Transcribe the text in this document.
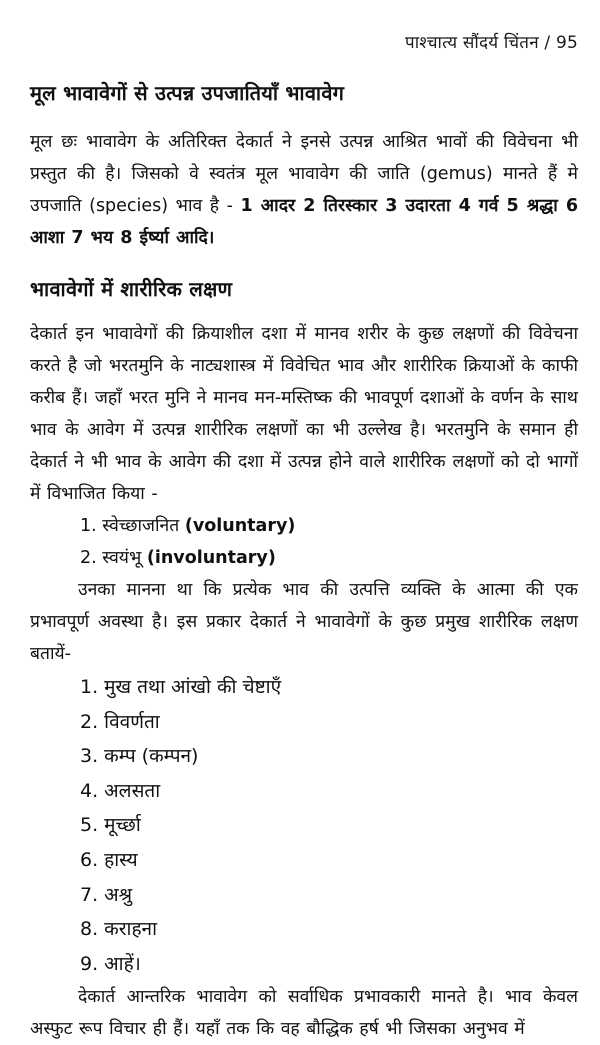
पाश्चात्य सौंदर्य चिंतन / 95
मूल भावावेगों से उत्पन्न उपजातियाँ भावावेग

मूल छः भावावेग के अतिरिक्त देकार्त ने इनसे उत्पन्न आश्रित भावों की विवेचना भी प्रस्तुत की है। जिसको वे स्वतंत्र मूल भावावेग की जाति (gemus) मानते हैं मे उपजाति (species) भाव है - 1 आदर 2 तिरस्कार 3 उदारता 4 गर्व 5 श्रद्धा 6 आशा 7 भय 8 ईर्ष्या आदि।

भावावेगों में शारीरिक लक्षण

देकार्त इन भावावेगों की क्रियाशील दशा में मानव शरीर के कुछ लक्षणों की विवेचना करते है जो भरतमुनि के नाट्यशास्त्र में विवेचित भाव और शारीरिक क्रियाओं के काफी करीब हैं। जहाँ भरत मुनि ने मानव मन-मस्तिष्क की भावपूर्ण दशाओं के वर्णन के साथ भाव के आवेग में उत्पन्न शारीरिक लक्षणों का भी उल्लेख है। भरतमुनि के समान ही देकार्त ने भी भाव के आवेग की दशा में उत्पन्न होने वाले शारीरिक लक्षणों को दो भागों में विभाजित किया -

1. स्वेच्छाजनित (voluntary)

2. स्वयंभू (involuntary)

उनका मानना था कि प्रत्येक भाव की उत्पत्ति व्यक्ति के आत्मा की एक प्रभावपूर्ण अवस्था है। इस प्रकार देकार्त ने भावावेगों के कुछ प्रमुख शारीरिक लक्षण बतायें-

1. मुख तथा आंखो की चेष्टाएँ

2. विवर्णता

3. कम्प (कम्पन)

4. अलसता

5. मूर्च्छा

6. हास्य

7. अश्रु

8. कराहना

9. आहें।

देकार्त आन्तरिक भावावेग को सर्वाधिक प्रभावकारी मानते है। भाव केवल अस्फुट रूप विचार ही हैं। यहाँ तक कि वह बौद्धिक हर्ष भी जिसका अनुभव में
